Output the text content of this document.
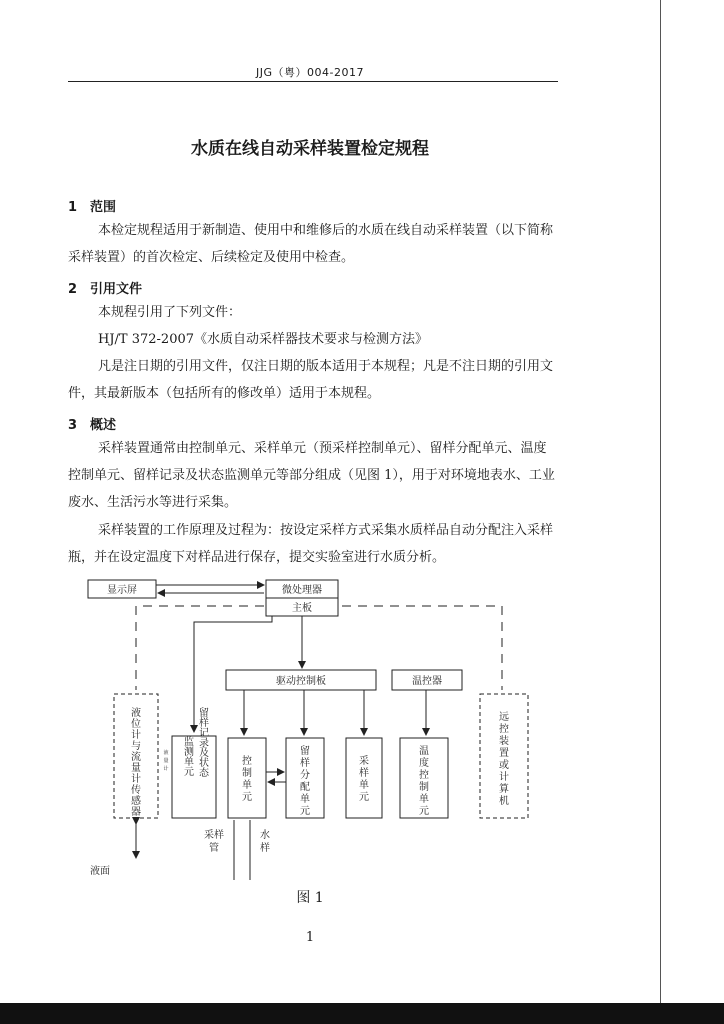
JJG（粤）004-2017
水质在线自动采样装置检定规程
1 范围
本检定规程适用于新制造、使用中和维修后的水质在线自动采样装置（以下简称采样装置）的首次检定、后续检定及使用中检查。
2 引用文件
本规程引用了下列文件：
HJ/T 372-2007《水质自动采样器技术要求与检测方法》
凡是注日期的引用文件，仅注日期的版本适用于本规程；凡是不注日期的引用文件，其最新版本（包括所有的修改单）适用于本规程。
3 概述
采样装置通常由控制单元、采样单元（预采样控制单元）、留样分配单元、温度控制单元、留样记录及状态监测单元等部分组成（见图 1），用于对环境地表水、工业废水、生活污水等进行采集。
采样装置的工作原理及过程为：按设定采样方式采集水质样品自动分配注入采样瓶，并在设定温度下对样品进行保存，提交实验室进行水质分析。
显示屏	微处理器
主板
驱动控制板	温控器
液面
采样
管
水
样
液
位
计
与
流
量
计
传
感
器
液
量
计	留样记录及状态
监测单元	控
制
单
元
留
样
分
配
单
元
采
样
单
元
温
度
控
制
单
元
远
控
装
置
或
计
算
机
图 1
1
